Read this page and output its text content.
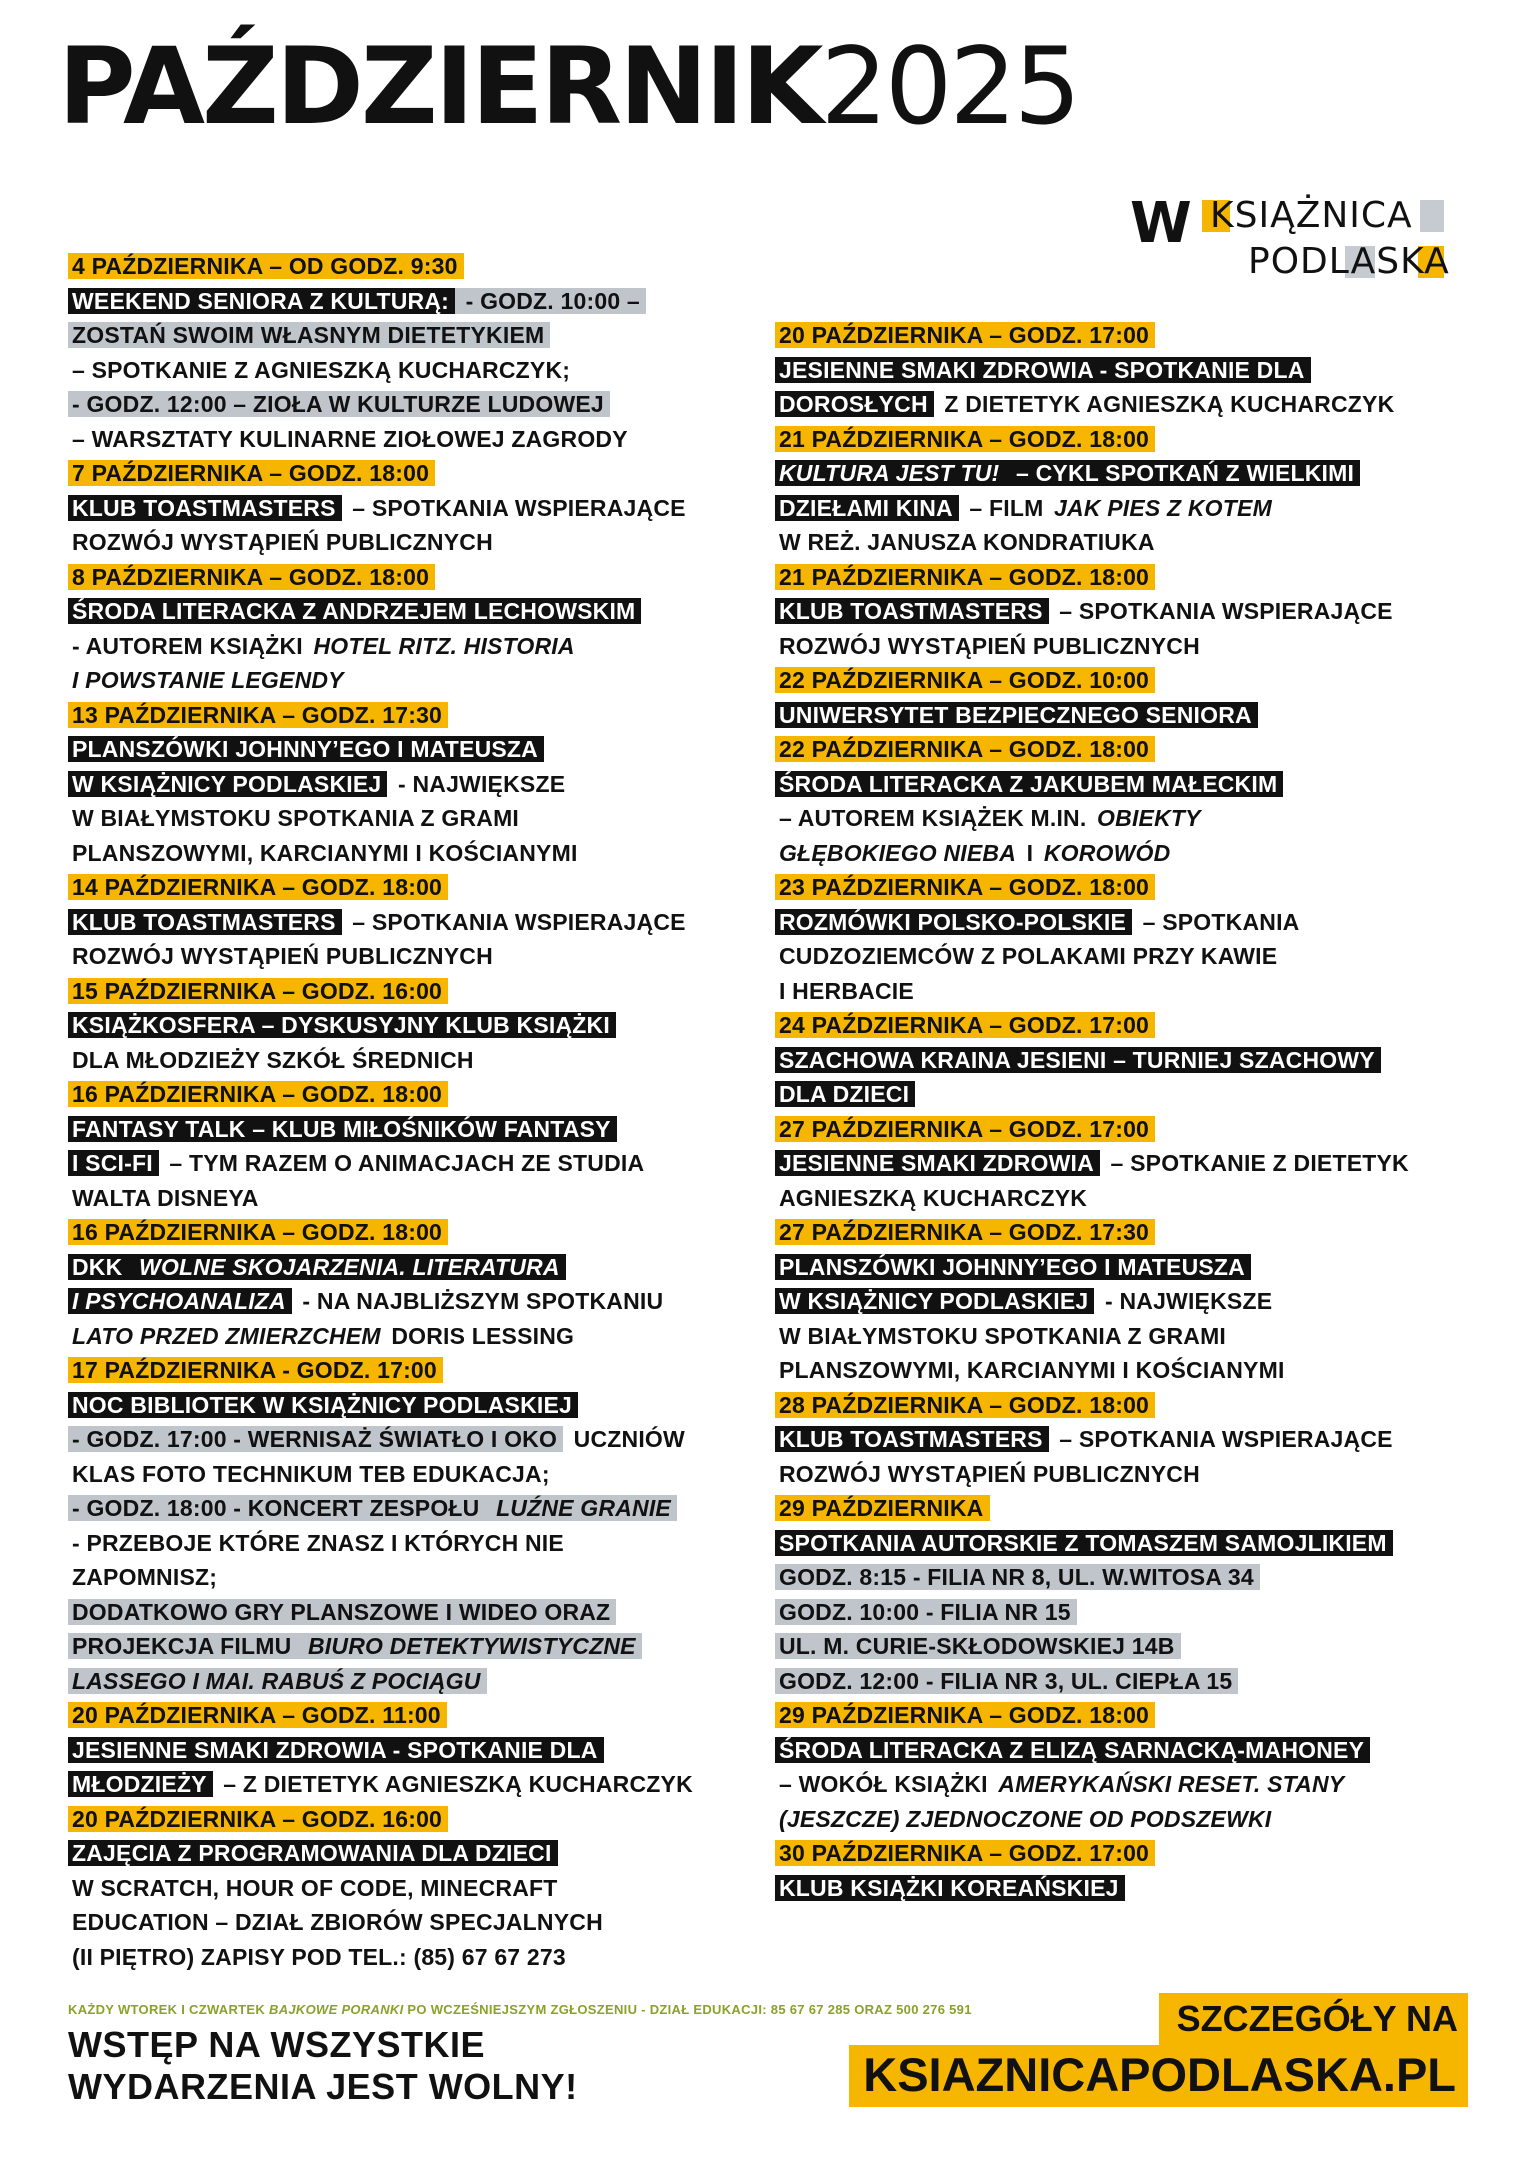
PAŹDZIERNIK2025
W KSIĄŻNICA
PODLASKA
4 PAŹDZIERNIKA – OD GODZ. 9:30
WEEKEND SENIORA Z KULTURĄ: - GODZ. 10:00 –
ZOSTAŃ SWOIM WŁASNYM DIETETYKIEM
– SPOTKANIE Z AGNIESZKĄ KUCHARCZYK;
- GODZ. 12:00 – ZIOŁA W KULTURZE LUDOWEJ
– WARSZTATY KULINARNE ZIOŁOWEJ ZAGRODY
7 PAŹDZIERNIKA – GODZ. 18:00
KLUB TOASTMASTERS – SPOTKANIA WSPIERAJĄCE
ROZWÓJ WYSTĄPIEŃ PUBLICZNYCH
8 PAŹDZIERNIKA – GODZ. 18:00
ŚRODA LITERACKA Z ANDRZEJEM LECHOWSKIM
- AUTOREM KSIĄŻKI HOTEL RITZ. HISTORIA
I POWSTANIE LEGENDY
13 PAŹDZIERNIKA – GODZ. 17:30
PLANSZÓWKI JOHNNY’EGO I MATEUSZA
W KSIĄŻNICY PODLASKIEJ - NAJWIĘKSZE
W BIAŁYMSTOKU SPOTKANIA Z GRAMI
PLANSZOWYMI, KARCIANYMI I KOŚCIANYMI
14 PAŹDZIERNIKA – GODZ. 18:00
KLUB TOASTMASTERS – SPOTKANIA WSPIERAJĄCE
ROZWÓJ WYSTĄPIEŃ PUBLICZNYCH
15 PAŹDZIERNIKA – GODZ. 16:00
KSIĄŻKOSFERA – DYSKUSYJNY KLUB KSIĄŻKI
DLA MŁODZIEŻY SZKÓŁ ŚREDNICH
16 PAŹDZIERNIKA – GODZ. 18:00
FANTASY TALK – KLUB MIŁOŚNIKÓW FANTASY
I SCI-FI – TYM RAZEM O ANIMACJACH ZE STUDIA
WALTA DISNEYA
16 PAŹDZIERNIKA – GODZ. 18:00
DKK WOLNE SKOJARZENIA. LITERATURA
I PSYCHOANALIZA - NA NAJBLIŻSZYM SPOTKANIU
LATO PRZED ZMIERZCHEM DORIS LESSING
17 PAŹDZIERNIKA - GODZ. 17:00
NOC BIBLIOTEK W KSIĄŻNICY PODLASKIEJ
- GODZ. 17:00 - WERNISAŻ ŚWIATŁO I OKO UCZNIÓW
KLAS FOTO TECHNIKUM TEB EDUKACJA;
- GODZ. 18:00 - KONCERT ZESPOŁU LUŹNE GRANIE
- PRZEBOJE KTÓRE ZNASZ I KTÓRYCH NIE
ZAPOMNISZ;
DODATKOWO GRY PLANSZOWE I WIDEO ORAZ
PROJEKCJA FILMU BIURO DETEKTYWISTYCZNE
LASSEGO I MAI. RABUŚ Z POCIĄGU
20 PAŹDZIERNIKA – GODZ. 11:00
JESIENNE SMAKI ZDROWIA - SPOTKANIE DLA
MŁODZIEŻY – Z DIETETYK AGNIESZKĄ KUCHARCZYK
20 PAŹDZIERNIKA – GODZ. 16:00
ZAJĘCIA Z PROGRAMOWANIA DLA DZIECI
W SCRATCH, HOUR OF CODE, MINECRAFT
EDUCATION – DZIAŁ ZBIORÓW SPECJALNYCH
(II PIĘTRO) ZAPISY POD TEL.: (85) 67 67 273
20 PAŹDZIERNIKA – GODZ. 17:00
JESIENNE SMAKI ZDROWIA - SPOTKANIE DLA
DOROSŁYCH Z DIETETYK AGNIESZKĄ KUCHARCZYK
21 PAŹDZIERNIKA – GODZ. 18:00
KULTURA JEST TU! – CYKL SPOTKAŃ Z WIELKIMI
DZIEŁAMI KINA – FILM JAK PIES Z KOTEM
W REŻ. JANUSZA KONDRATIUKA
21 PAŹDZIERNIKA – GODZ. 18:00
KLUB TOASTMASTERS – SPOTKANIA WSPIERAJĄCE
ROZWÓJ WYSTĄPIEŃ PUBLICZNYCH
22 PAŹDZIERNIKA – GODZ. 10:00
UNIWERSYTET BEZPIECZNEGO SENIORA
22 PAŹDZIERNIKA – GODZ. 18:00
ŚRODA LITERACKA Z JAKUBEM MAŁECKIM
– AUTOREM KSIĄŻEK M.IN. OBIEKTY
GŁĘBOKIEGO NIEBA I KOROWÓD
23 PAŹDZIERNIKA – GODZ. 18:00
ROZMÓWKI POLSKO-POLSKIE – SPOTKANIA
CUDZOZIEMCÓW Z POLAKAMI PRZY KAWIE
I HERBACIE
24 PAŹDZIERNIKA – GODZ. 17:00
SZACHOWA KRAINA JESIENI – TURNIEJ SZACHOWY
DLA DZIECI
27 PAŹDZIERNIKA – GODZ. 17:00
JESIENNE SMAKI ZDROWIA – SPOTKANIE Z DIETETYK
AGNIESZKĄ KUCHARCZYK
27 PAŹDZIERNIKA – GODZ. 17:30
PLANSZÓWKI JOHNNY’EGO I MATEUSZA
W KSIĄŻNICY PODLASKIEJ - NAJWIĘKSZE
W BIAŁYMSTOKU SPOTKANIA Z GRAMI
PLANSZOWYMI, KARCIANYMI I KOŚCIANYMI
28 PAŹDZIERNIKA – GODZ. 18:00
KLUB TOASTMASTERS – SPOTKANIA WSPIERAJĄCE
ROZWÓJ WYSTĄPIEŃ PUBLICZNYCH
29 PAŹDZIERNIKA
SPOTKANIA AUTORSKIE Z TOMASZEM SAMOJLIKIEM
GODZ. 8:15 - FILIA NR 8, UL. W.WITOSA 34
GODZ. 10:00 - FILIA NR 15
UL. M. CURIE-SKŁODOWSKIEJ 14B
GODZ. 12:00 - FILIA NR 3, UL. CIEPŁA 15
29 PAŹDZIERNIKA – GODZ. 18:00
ŚRODA LITERACKA Z ELIZĄ SARNACKĄ-MAHONEY
– WOKÓŁ KSIĄŻKI AMERYKAŃSKI RESET. STANY
(JESZCZE) ZJEDNOCZONE OD PODSZEWKI
30 PAŹDZIERNIKA – GODZ. 17:00
KLUB KSIĄŻKI KOREAŃSKIEJ
KAŻDY WTOREK I CZWARTEK BAJKOWE PORANKI PO WCZEŚNIEJSZYM ZGŁOSZENIU - DZIAŁ EDUKACJI: 85 67 67 285 ORAZ 500 276 591
WSTĘP NA WSZYSTKIE
WYDARZENIA JEST WOLNY!
SZCZEGÓŁY NA
KSIAZNICAPODLASKA.PL
